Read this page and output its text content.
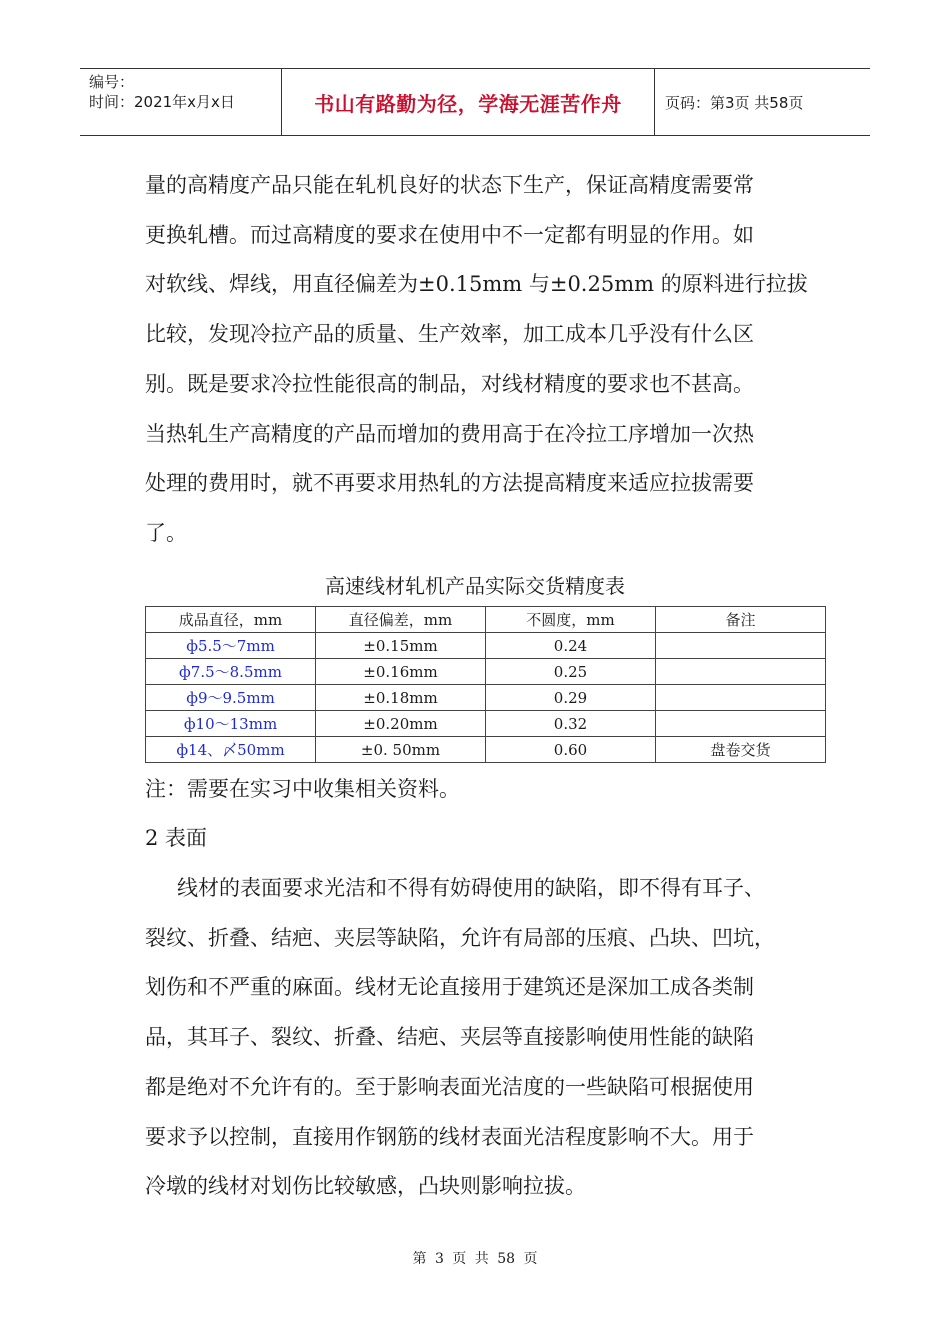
编号：
时间：2021年x月x日	书山有路勤为径，学海无涯苦作舟	页码：第3页 共58页

量的高精度产品只能在轧机良好的状态下生产，保证高精度需要常

更换轧槽。而过高精度的要求在使用中不一定都有明显的作用。如

对软线、焊线，用直径偏差为±0.15mm 与±0.25mm 的原料进行拉拔

比较，发现冷拉产品的质量、生产效率，加工成本几乎没有什么区

别。既是要求冷拉性能很高的制品，对线材精度的要求也不甚高。

当热轧生产高精度的产品而增加的费用高于在冷拉工序增加一次热

处理的费用时，就不再要求用热轧的方法提高精度来适应拉拔需要

了。

高速线材轧机产品实际交货精度表
成品直径，mm	直径偏差，mm	不圆度，mm	备注
ф5.5～7mm	±0.15mm	0.24	
ф7.5～8.5mm	±0.16mm	0.25	
ф9～9.5mm	±0.18mm	0.29	
ф10～13mm	±0.20mm	0.32	
ф14、〆50mm	±0. 50mm	0.60	盘卷交货

注：需要在实习中收集相关资料。

2 表面

线材的表面要求光洁和不得有妨碍使用的缺陷，即不得有耳子、

裂纹、折叠、结疤、夹层等缺陷，允许有局部的压痕、凸块、凹坑，

划伤和不严重的麻面。线材无论直接用于建筑还是深加工成各类制

品，其耳子、裂纹、折叠、结疤、夹层等直接影响使用性能的缺陷

都是绝对不允许有的。至于影响表面光洁度的一些缺陷可根据使用

要求予以控制，直接用作钢筋的线材表面光洁程度影响不大。用于

冷墩的线材对划伤比较敏感，凸块则影响拉拔。

第 3 页 共 58 页
